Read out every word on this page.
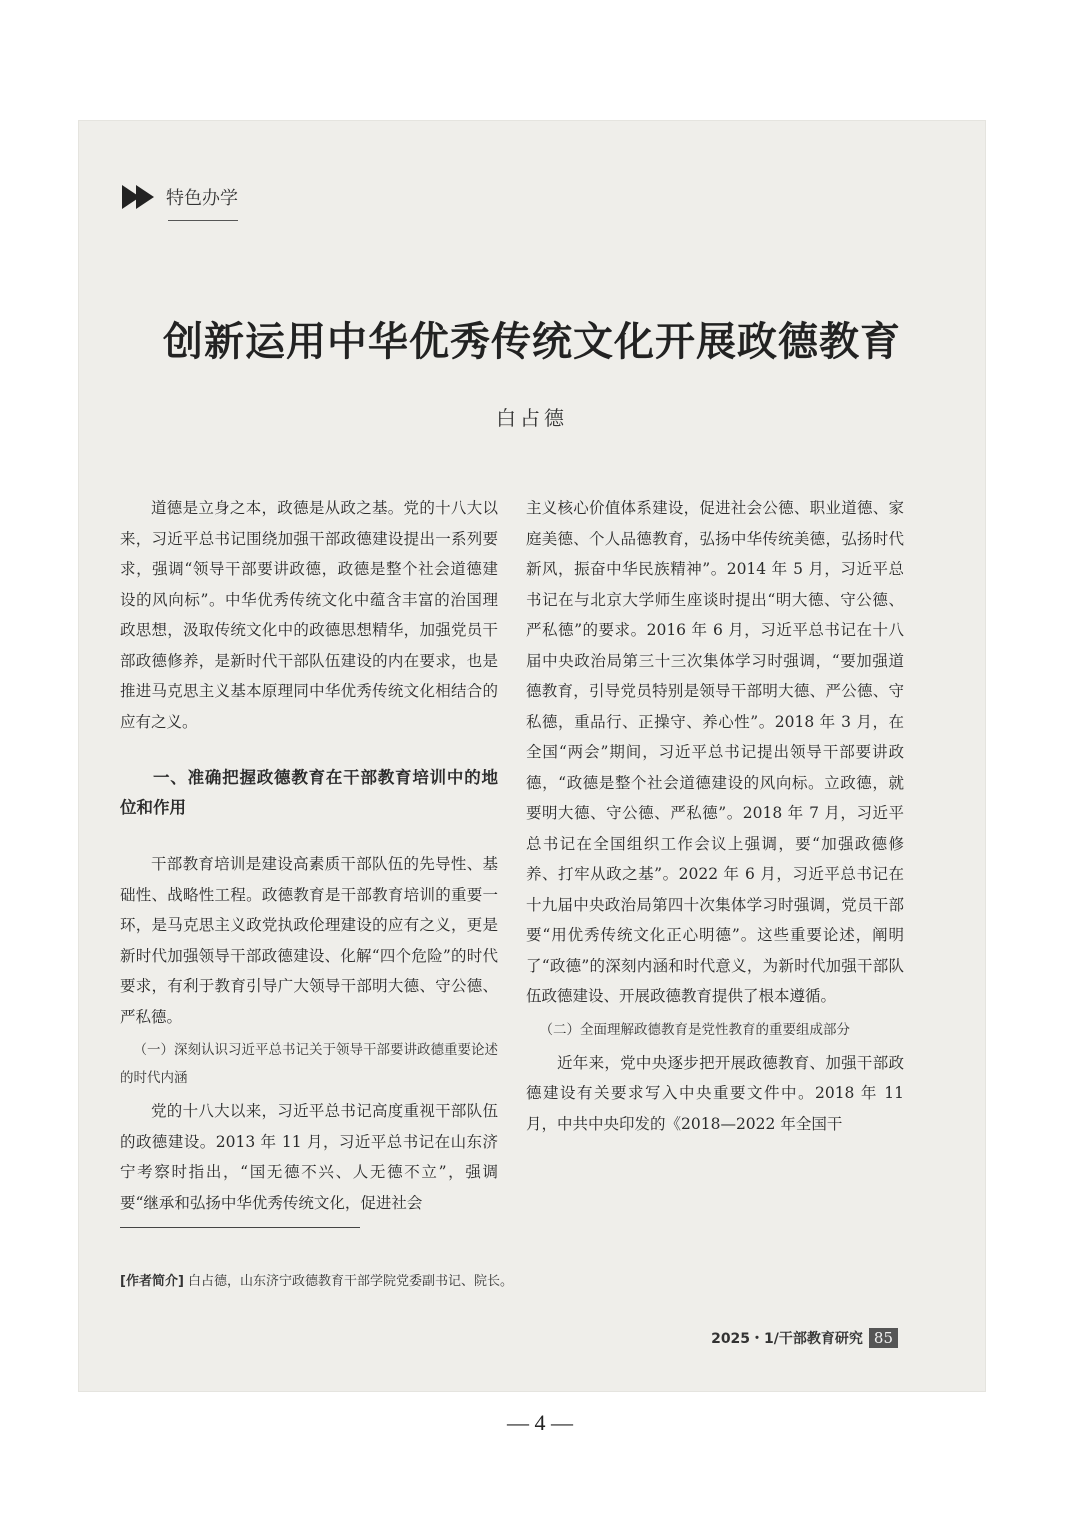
特色办学
创新运用中华优秀传统文化开展政德教育
白占德

道德是立身之本，政德是从政之基。党的十八大以来，习近平总书记围绕加强干部政德建设提出一系列要求，强调“领导干部要讲政德，政德是整个社会道德建设的风向标”。中华优秀传统文化中蕴含丰富的治国理政思想，汲取传统文化中的政德思想精华，加强党员干部政德修养，是新时代干部队伍建设的内在要求，也是推进马克思主义基本原理同中华优秀传统文化相结合的应有之义。

一、准确把握政德教育在干部教育培训中的地位和作用

干部教育培训是建设高素质干部队伍的先导性、基础性、战略性工程。政德教育是干部教育培训的重要一环，是马克思主义政党执政伦理建设的应有之义，更是新时代加强领导干部政德建设、化解“四个危险”的时代要求，有利于教育引导广大领导干部明大德、守公德、严私德。

（一）深刻认识习近平总书记关于领导干部要讲政德重要论述的时代内涵

党的十八大以来，习近平总书记高度重视干部队伍的政德建设。2013 年 11 月，习近平总书记在山东济宁考察时指出，“国无德不兴、人无德不立”，强调要“继承和弘扬中华优秀传统文化，促进社会

主义核心价值体系建设，促进社会公德、职业道德、家庭美德、个人品德教育，弘扬中华传统美德，弘扬时代新风，振奋中华民族精神”。2014 年 5 月，习近平总书记在与北京大学师生座谈时提出“明大德、守公德、严私德”的要求。2016 年 6 月，习近平总书记在十八届中央政治局第三十三次集体学习时强调，“要加强道德教育，引导党员特别是领导干部明大德、严公德、守私德，重品行、正操守、养心性”。2018 年 3 月，在全国“两会”期间，习近平总书记提出领导干部要讲政德，“政德是整个社会道德建设的风向标。立政德，就要明大德、守公德、严私德”。2018 年 7 月，习近平总书记在全国组织工作会议上强调，要“加强政德修养、打牢从政之基”。2022 年 6 月，习近平总书记在十九届中央政治局第四十次集体学习时强调，党员干部要“用优秀传统文化正心明德”。这些重要论述，阐明了“政德”的深刻内涵和时代意义，为新时代加强干部队伍政德建设、开展政德教育提供了根本遵循。

（二）全面理解政德教育是党性教育的重要组成部分

近年来，党中央逐步把开展政德教育、加强干部政德建设有关要求写入中央重要文件中。2018 年 11 月，中共中央印发的《2018—2022 年全国干

[作者简介] 白占德，山东济宁政德教育干部学院党委副书记、院长。
2025・1/ 干部教育研究 85
— 4 —
